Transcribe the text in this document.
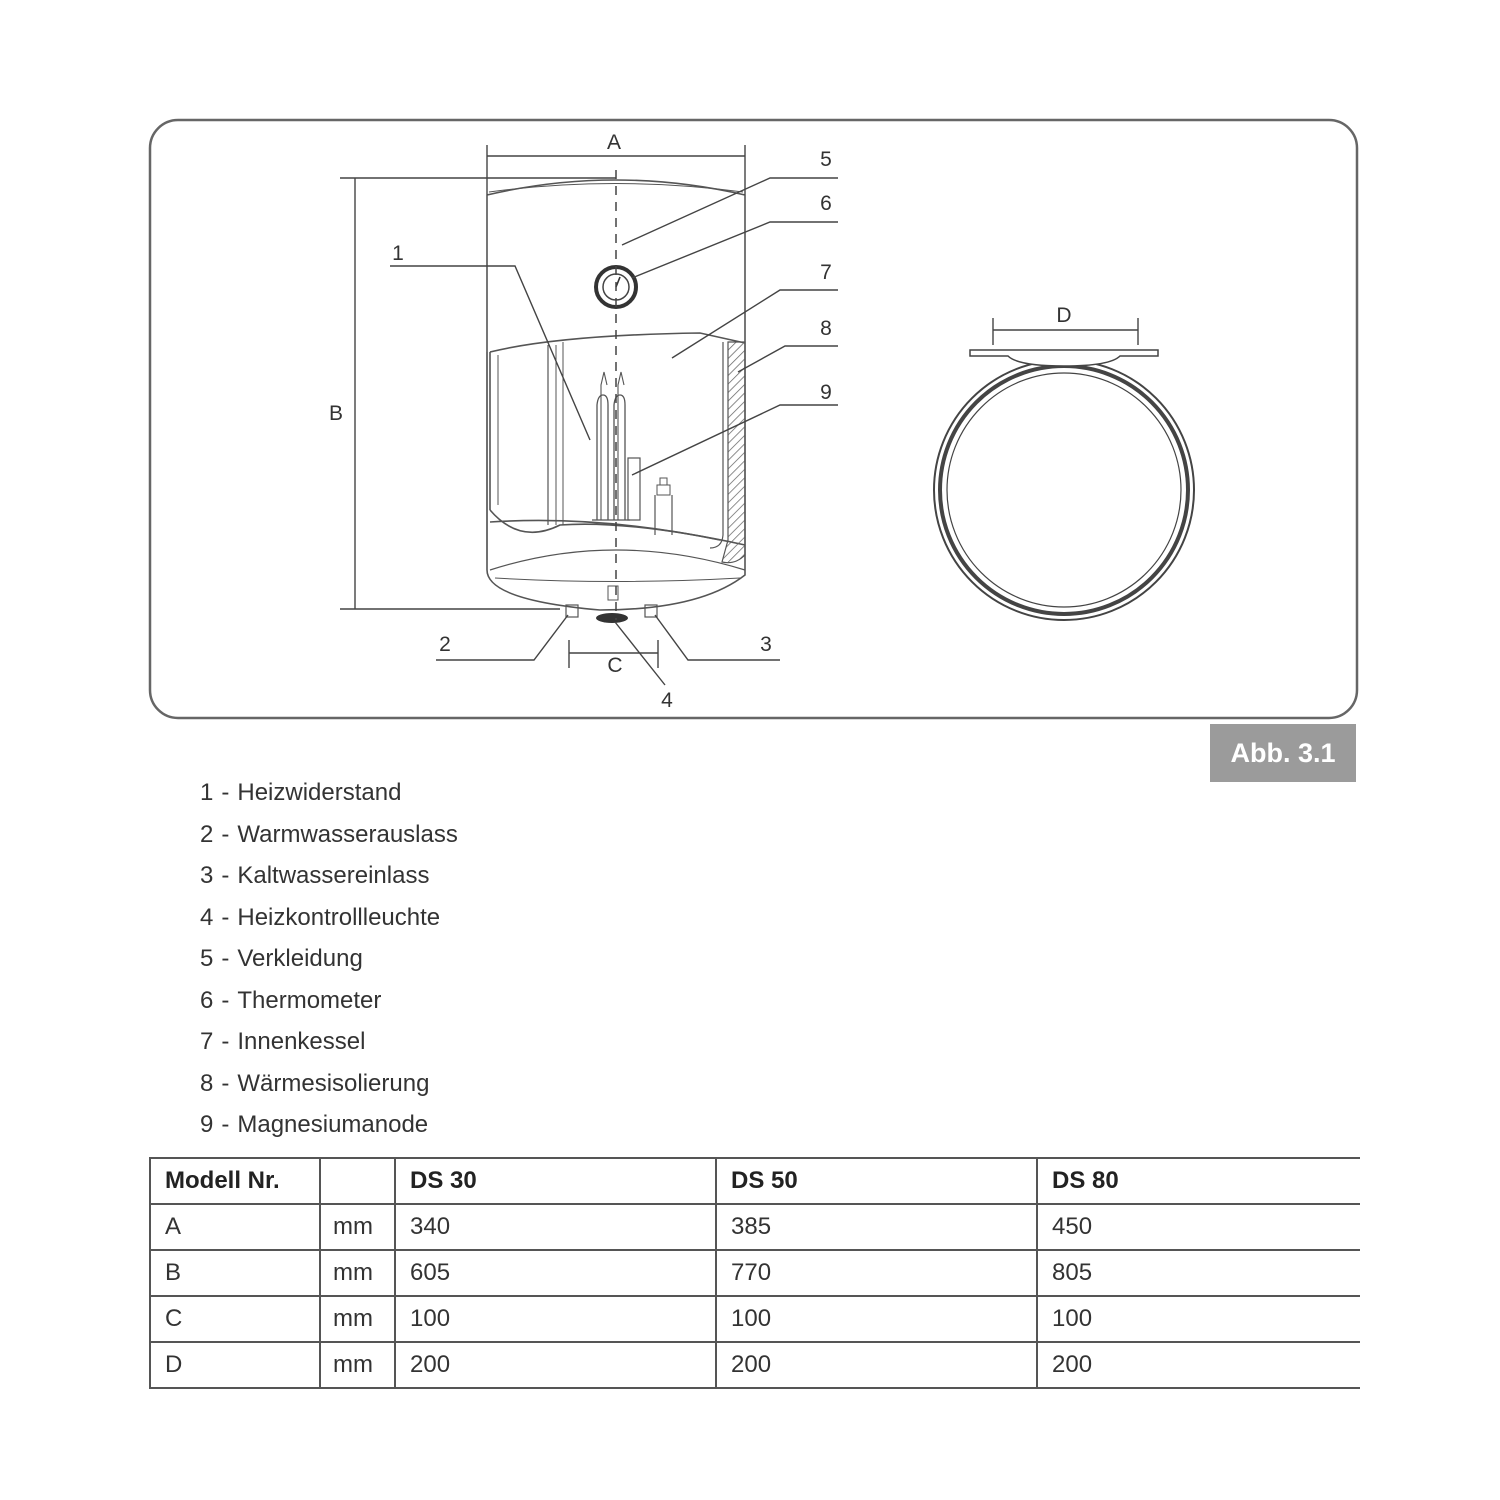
A
B
C
1
2	3
4
5
6
7
8
9
D
Abb. 3.1
1 - Heizwiderstand
2 - Warmwasserauslass
3 - Kaltwassereinlass
4 - Heizkontrollleuchte
5 - Verkleidung
6 - Thermometer
7 - Innenkessel
8 - Wärmesisolierung
9 - Magnesiumanode
Modell Nr.		DS 30	DS 50	DS 80
A	mm	340	385	450
B	mm	605	770	805
C	mm	100	100	100
D	mm	200	200	200
